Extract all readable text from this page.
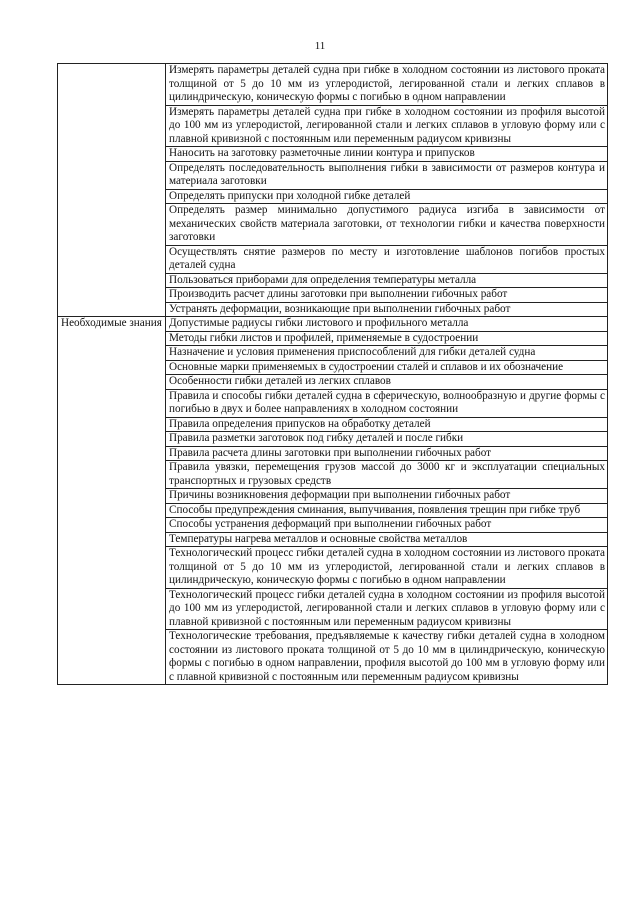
11
	Измерять параметры деталей судна при гибке в холодном состоянии из листового проката толщиной от 5 до 10 мм из углеродистой, легированной стали и легких сплавов в цилиндрическую, коническую формы с погибью в одном направлении
	Измерять параметры деталей судна при гибке в холодном состоянии из профиля высотой до 100 мм из углеродистой, легированной стали и легких сплавов в угловую форму или с плавной кривизной с постоянным или переменным радиусом кривизны
	Наносить на заготовку разметочные линии контура и припусков
	Определять последовательность выполнения гибки в зависимости от размеров контура и материала заготовки
	Определять припуски при холодной гибке деталей
	Определять размер минимально допустимого радиуса изгиба в зависимости от механических свойств материала заготовки, от технологии гибки и качества поверхности заготовки
	Осуществлять снятие размеров по месту и изготовление шаблонов погибов простых деталей судна
	Пользоваться приборами для определения температуры металла
	Производить расчет длины заготовки при выполнении гибочных работ
	Устранять деформации, возникающие при выполнении гибочных работ

Необходимые знания	Допустимые радиусы гибки листового и профильного металла
	Методы гибки листов и профилей, применяемые в судостроении
	Назначение и условия применения приспособлений для гибки деталей судна
	Основные марки применяемых в судостроении сталей и сплавов и их обозначение
	Особенности гибки деталей из легких сплавов
	Правила и способы гибки деталей судна в сферическую, волнообразную и другие формы с погибью в двух и более направлениях в холодном состоянии
	Правила определения припусков на обработку деталей
	Правила разметки заготовок под гибку деталей и после гибки
	Правила расчета длины заготовки при выполнении гибочных работ
	Правила увязки, перемещения грузов массой до 3000 кг и эксплуатации специальных транспортных и грузовых средств
	Причины возникновения деформации при выполнении гибочных работ
	Способы предупреждения сминания, выпучивания, появления трещин при гибке труб
	Способы устранения деформаций при выполнении гибочных работ
	Температуры нагрева металлов и основные свойства металлов
	Технологический процесс гибки деталей судна в холодном состоянии из листового проката толщиной от 5 до 10 мм из углеродистой, легированной стали и легких сплавов в цилиндрическую, коническую формы с погибью в одном направлении
	Технологический процесс гибки деталей судна в холодном состоянии из профиля высотой до 100 мм из углеродистой, легированной стали и легких сплавов в угловую форму или с плавной кривизной с постоянным или переменным радиусом кривизны
	Технологические требования, предъявляемые к качеству гибки деталей судна в холодном состоянии из листового проката толщиной от 5 до 10 мм в цилиндрическую, коническую формы с погибью в одном направлении, профиля высотой до 100 мм в угловую форму или с плавной кривизной с постоянным или переменным радиусом кривизны
